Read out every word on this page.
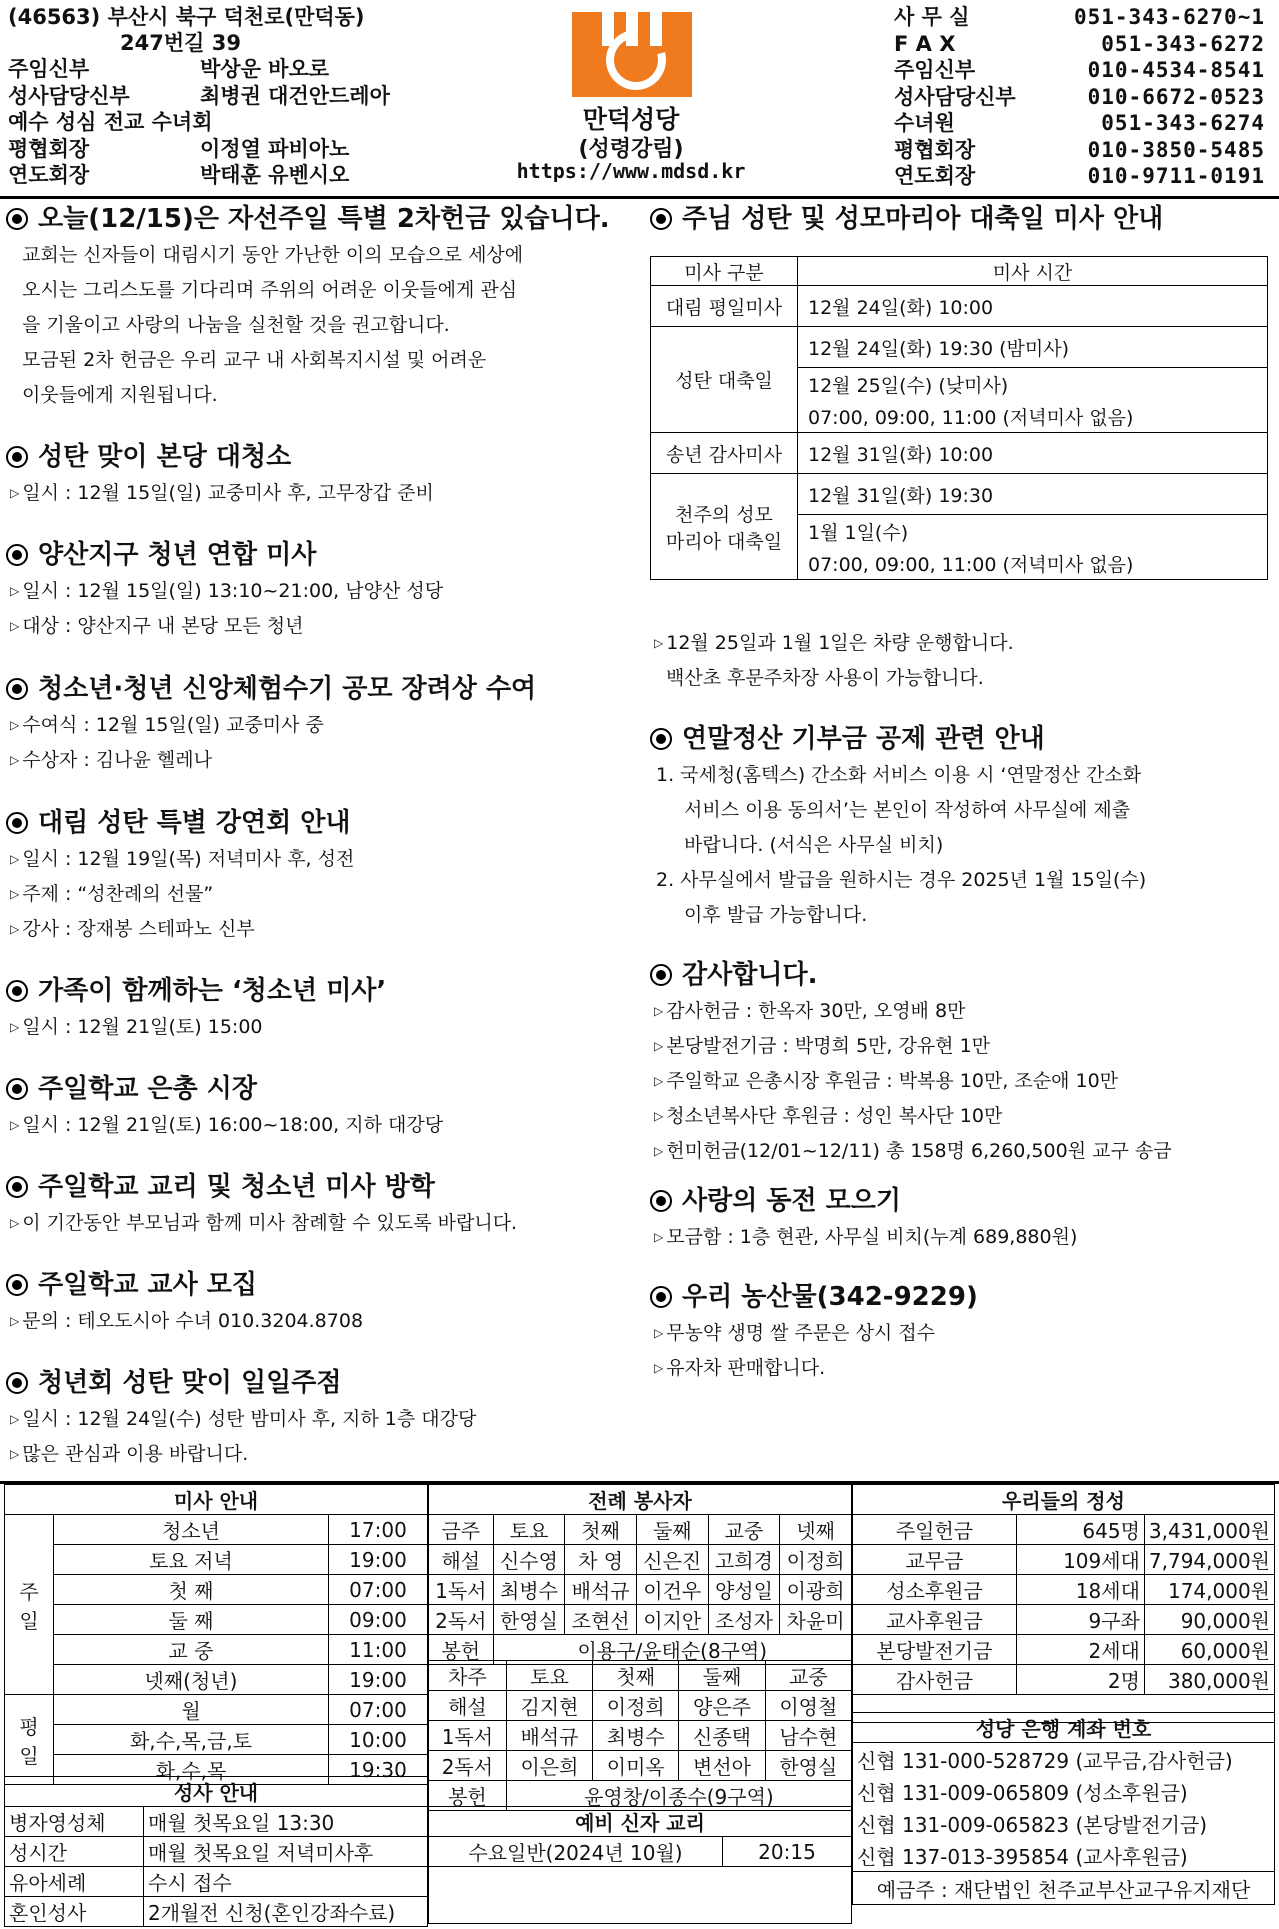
(46563) 부산시 북구 덕천로(만덕동)
247번길 39
주임신부	박상운 바오로
성사담당신부	최병권 대건안드레아
예수 성심 전교 수녀회
평협회장	이정열 파비아노
연도회장	박태훈 유벤시오
만덕성당
(성령강림)
https://www.mdsd.kr
사 무 실	051-343-6270~1
F A X	051-343-6272
주임신부	010-4534-8541
성사담당신부	010-6672-0523
수녀원	051-343-6274
평협회장	010-3850-5485
연도회장	010-9711-0191
오늘(12/15)은 자선주일 특별 2차헌금 있습니다.
교회는 신자들이 대림시기 동안 가난한 이의 모습으로 세상에
오시는 그리스도를 기다리며 주위의 어려운 이웃들에게 관심
을 기울이고 사랑의 나눔을 실천할 것을 권고합니다.
모금된 2차 헌금은 우리 교구 내 사회복지시설 및 어려운
이웃들에게 지원됩니다.
성탄 맞이 본당 대청소
▷ 일시 : 12월 15일(일) 교중미사 후, 고무장갑 준비
양산지구 청년 연합 미사
▷ 일시 : 12월 15일(일) 13:10~21:00, 남양산 성당
▷ 대상 : 양산지구 내 본당 모든 청년
청소년·청년 신앙체험수기 공모 장려상 수여
▷ 수여식 : 12월 15일(일) 교중미사 중
▷ 수상자 : 김나윤 헬레나
대림 성탄 특별 강연회 안내
▷ 일시 : 12월 19일(목) 저녁미사 후, 성전
▷ 주제 : “성찬례의 선물”
▷ 강사 : 장재봉 스테파노 신부
가족이 함께하는 ‘청소년 미사’
▷ 일시 : 12월 21일(토) 15:00
주일학교 은총 시장
▷ 일시 : 12월 21일(토) 16:00~18:00, 지하 대강당
주일학교 교리 및 청소년 미사 방학
▷ 이 기간동안 부모님과 함께 미사 참례할 수 있도록 바랍니다.
주일학교 교사 모집
▷ 문의 : 테오도시아 수녀 010.3204.8708
청년회 성탄 맞이 일일주점
▷ 일시 : 12월 24일(수) 성탄 밤미사 후, 지하 1층 대강당
▷ 많은 관심과 이용 바랍니다.
주님 성탄 및 성모마리아 대축일 미사 안내
▷ 12월 25일과 1월 1일은 차량 운행합니다.
백산초 후문주차장 사용이 가능합니다.
연말정산 기부금 공제 관련 안내
1. 국세청(홈텍스) 간소화 서비스 이용 시 ‘연말정산 간소화
서비스 이용 동의서’는 본인이 작성하여 사무실에 제출
바랍니다. (서식은 사무실 비치)
2. 사무실에서 발급을 원하시는 경우 2025년 1월 15일(수)
이후 발급 가능합니다.
감사합니다.
▷ 감사헌금 : 한옥자 30만, 오영배 8만
▷ 본당발전기금 : 박명희 5만, 강유현 1만
▷ 주일학교 은총시장 후원금 : 박복용 10만, 조순애 10만
▷ 청소년복사단 후원금 : 성인 복사단 10만
▷ 헌미헌금(12/01~12/11) 총 158명 6,260,500원 교구 송금
사랑의 동전 모으기
▷ 모금함 : 1층 현관, 사무실 비치(누계 689,880원)
우리 농산물(342-9229)
▷ 무농약 생명 쌀 주문은 상시 접수
▷ 유자차 판매합니다.
미사 안내		

주
일	청소년	17:00
	토요 저녁	19:00
	첫 째	07:00
	둘 째	09:00
	교 중	11:00
	넷째(청년)	19:00

평
일	월	07:00
	화,수,목,금,토	10:00
	화,수,목	19:30
성사 안내	
병자영성체	매월 첫목요일 13:30
성시간	매월 첫목요일 저녁미사후
유아세례	수시 접수
혼인성사	2개월전 신청(혼인강좌수료)
전례 봉사자					
금주	토요	첫째	둘째	교중	넷째
해설	신수영	차 영	신은진	고희경	이정희
1독서	최병수	배석규	이건우	양성일	이광희
2독서	한영실	조현선	이지안	조성자	차윤미
봉헌	이용구/윤태순(8구역)				
차주	토요	첫째	둘째	교중
해설	김지현	이정희	양은주	이영철
1독서	배석규	최병수	신종택	남수현
2독서	이은희	이미옥	변선아	한영실
봉헌	윤영창/이종수(9구역)			
예비 신자 교리
수요일반(2024년 10월)	20:15

우리들의 정성		
주일헌금	645명	3,431,000원
교무금	109세대	7,794,000원
성소후원금	18세대	174,000원
교사후원금	9구좌	90,000원
본당발전기금	2세대	60,000원
감사헌금	2명	380,000원

성당 은행 계좌 번호
신협 131-000-528729 (교무금,감사헌금)
신협 131-009-065809 (성소후원금)
신협 131-009-065823 (본당발전기금)
신협 137-013-395854 (교사후원금)
예금주 : 재단법인 천주교부산교구유지재단
미사 구분	미사 시간

대림 평일미사	12월 24일(화) 10:00

성탄 대축일	12월 24일(화) 19:30 (밤미사)
	12월 25일(수) (낮미사)
	07:00, 09:00, 11:00 (저녁미사 없음)

송년 감사미사	12월 31일(화) 10:00

천주의 성모
마리아 대축일	12월 31일(화) 19:30
	1월 1일(수)
	07:00, 09:00, 11:00 (저녁미사 없음)
